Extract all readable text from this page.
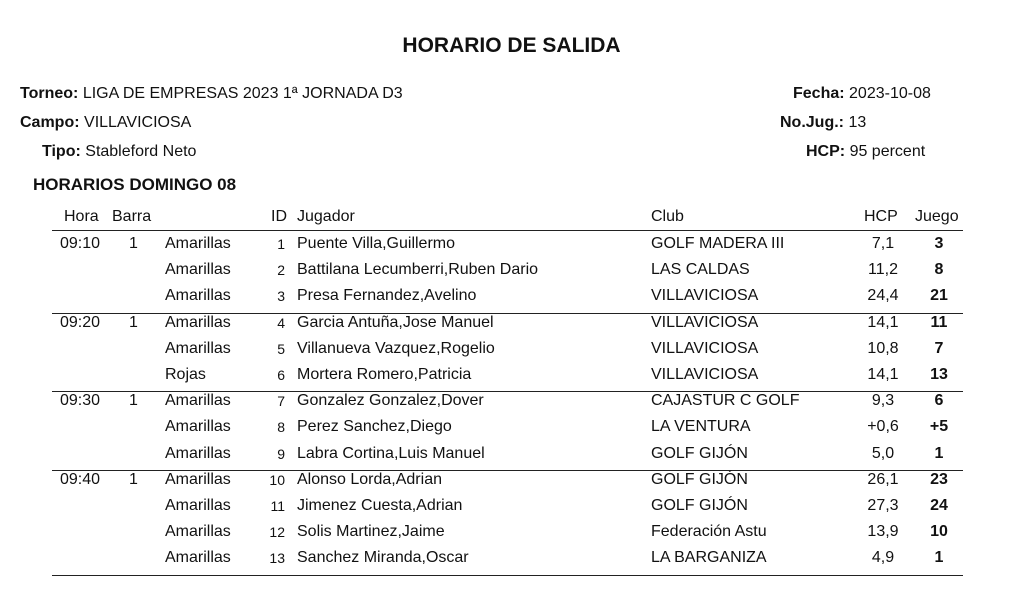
HORARIO DE SALIDA
Torneo: LIGA DE EMPRESAS 2023 1ª JORNADA D3
Campo: VILLAVICIOSA
Tipo: Stableford Neto
Fecha: 2023-10-08
No.Jug.: 13
HCP: 95 percent
HORARIOS DOMINGO 08
Hora Barra	ID Jugador	Club	HCP Juego
09:10 1 Amarillas	1 Puente Villa,Guillermo	GOLF MADERA III	7,1	3
Amarillas	2 Battilana Lecumberri,Ruben Dario	LAS CALDAS	11,2	8
Amarillas	3 Presa Fernandez,Avelino	VILLAVICIOSA	24,4	21
09:20 1 Amarillas	4 Garcia Antuña,Jose Manuel	VILLAVICIOSA	14,1	11
Amarillas	5 Villanueva Vazquez,Rogelio	VILLAVICIOSA	10,8	7
Rojas	6 Mortera Romero,Patricia	VILLAVICIOSA	14,1	13
09:30 1 Amarillas	7 Gonzalez Gonzalez,Dover	CAJASTUR C GOLF	9,3	6
Amarillas	8 Perez Sanchez,Diego	LA VENTURA	+0,6	+5
Amarillas	9 Labra Cortina,Luis Manuel	GOLF GIJÓN	5,0	1
09:40 1 Amarillas	10 Alonso Lorda,Adrian	GOLF GIJÓN	26,1	23
Amarillas	11 Jimenez Cuesta,Adrian	GOLF GIJÓN	27,3	24
Amarillas	12 Solis Martinez,Jaime	Federación Astu	13,9	10
Amarillas	13 Sanchez Miranda,Oscar	LA BARGANIZA	4,9	1
